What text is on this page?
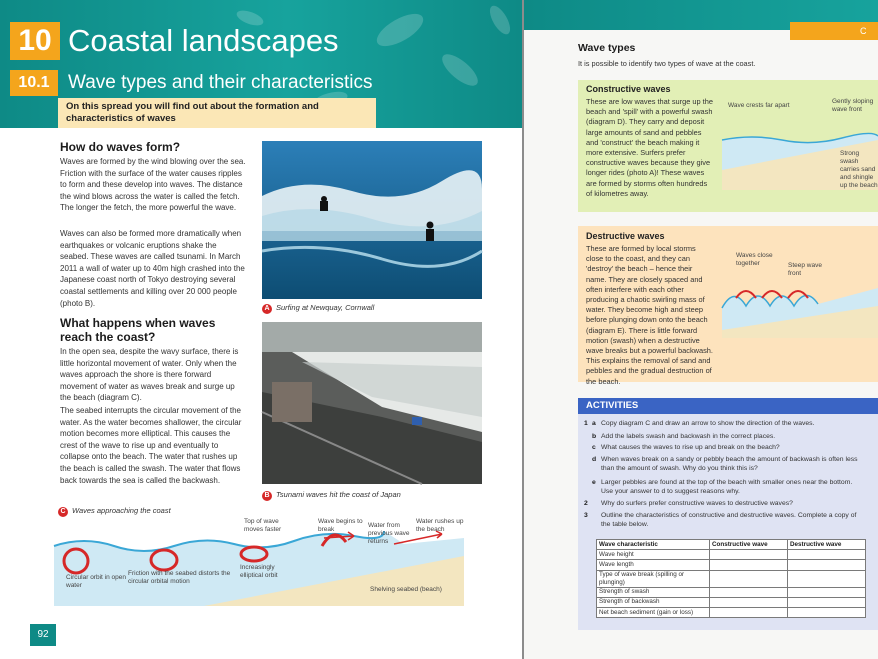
10 Coastal landscapes
10.1 Wave types and their characteristics
On this spread you will find out about the formation and characteristics of waves
How do waves form?

Waves are formed by the wind blowing over the sea. Friction with the surface of the water causes ripples to form and these develop into waves. The distance the wind blows across the water is called the fetch. The longer the fetch, the more powerful the wave.

Waves can also be formed more dramatically when earthquakes or volcanic eruptions shake the seabed. These waves are called tsunami. In March 2011 a wall of water up to 40m high crashed into the Japanese coast north of Tokyo destroying several coastal settlements and killing over 20 000 people (photo B).

What happens when waves reach the coast?

In the open sea, despite the wavy surface, there is little horizontal movement of water. Only when the waves approach the shore is there forward movement of water as waves break and surge up the beach (diagram C).

The seabed interrupts the circular movement of the water. As the water becomes shallower, the circular motion becomes more elliptical. This causes the crest of the wave to rise up and eventually to collapse onto the beach. The water that rushes up the beach is called the swash. The water that flows back towards the sea is called the backwash.

A Surfing at Newquay, Cornwall
B Tsunami waves hit the coast of Japan
C Waves approaching the coast
Top of wave moves faster
Wave begins to break
Water from previous wave returns
Water rushes up the beach
Circular orbit in open water
Friction with the seabed distorts the circular orbital motion
Increasingly elliptical orbit
Shelving seabed (beach)
92
C
Wave types

It is possible to identify two types of wave at the coast.

Constructive waves

These are low waves that surge up the beach and 'spill' with a powerful swash (diagram D). They carry and deposit large amounts of sand and pebbles and 'construct' the beach making it more extensive. Surfers prefer constructive waves because they give longer rides (photo A)! These waves are formed by storms often hundreds of kilometres away.

Wave crests far apart
Gently sloping wave front
Strong swash carries sand and shingle up the beach
Destructive waves

These are formed by local storms close to the coast, and they can 'destroy' the beach – hence their name. They are closely spaced and often interfere with each other producing a chaotic swirling mass of water. They become high and steep before plunging down onto the beach (diagram E). There is little forward motion (swash) when a destructive wave breaks but a powerful backwash. This explains the removal of sand and pebbles and the gradual destruction of the beach.

Waves close together	Steep wave front
ACTIVITIES
1 a Copy diagram C and draw an arrow to show the direction of the waves.
b Add the labels swash and backwash in the correct places.
c What causes the waves to rise up and break on the beach?
d When waves break on a sandy or pebbly beach the amount of backwash is often less than the amount of swash. Why do you think this is?
e Larger pebbles are found at the top of the beach with smaller ones near the bottom. Use your answer to d to suggest reasons why.
2 Why do surfers prefer constructive waves to destructive waves?
3 Outline the characteristics of constructive and destructive waves. Complete a copy of the table below.
Wave characteristic	Constructive wave	Destructive wave
Wave height		
Wave length		
Type of wave break (spilling or plunging)		
Strength of swash		
Strength of backwash		
Net beach sediment (gain or loss)		
